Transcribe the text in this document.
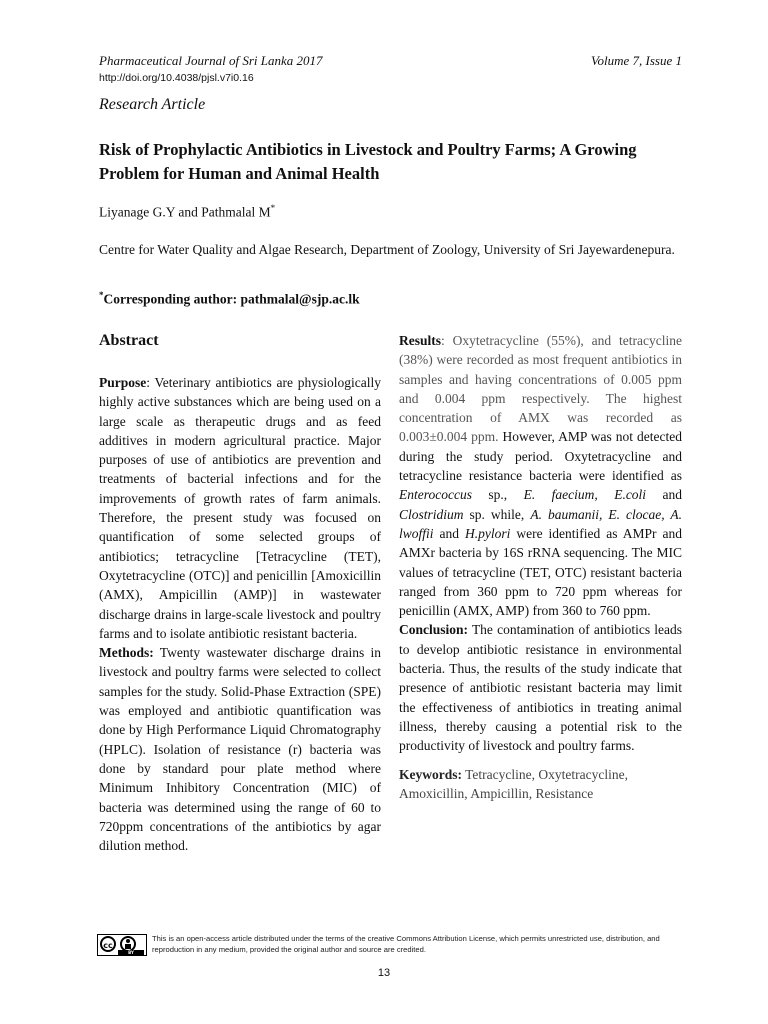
Pharmaceutical Journal of Sri Lanka 2017	Volume 7, Issue 1
http://doi.org/10.4038/pjsl.v7i0.16
Research Article
Risk of Prophylactic Antibiotics in Livestock and Poultry Farms; A Growing Problem for Human and Animal Health
Liyanage G.Y and Pathmalal M*
Centre for Water Quality and Algae Research, Department of Zoology, University of Sri Jayewardenepura.
*Corresponding author: pathmalal@sjp.ac.lk
Abstract

Purpose: Veterinary antibiotics are physiologically highly active substances which are being used on a large scale as therapeutic drugs and as feed additives in modern agricultural practice. Major purposes of use of antibiotics are prevention and treatments of bacterial infections and for the improvements of growth rates of farm animals. Therefore, the present study was focused on quantification of some selected groups of antibiotics; tetracycline [Tetracycline (TET), Oxytetracycline (OTC)] and penicillin [Amoxicillin (AMX), Ampicillin (AMP)] in wastewater discharge drains in large-scale livestock and poultry farms and to isolate antibiotic resistant bacteria.

Methods: Twenty wastewater discharge drains in livestock and poultry farms were selected to collect samples for the study. Solid-Phase Extraction (SPE) was employed and antibiotic quantification was done by High Performance Liquid Chromatography (HPLC). Isolation of resistance (r) bacteria was done by standard pour plate method where Minimum Inhibitory Concentration (MIC) of bacteria was determined using the range of 60 to 720ppm concentrations of the antibiotics by agar dilution method.

Results: Oxytetracycline (55%), and tetracycline (38%) were recorded as most frequent antibiotics in samples and having concentrations of 0.005 ppm and 0.004 ppm respectively. The highest concentration of AMX was recorded as 0.003±0.004 ppm. However, AMP was not detected during the study period. Oxytetracycline and tetracycline resistance bacteria were identified as Enterococcus sp., E. faecium, E.coli and Clostridium sp. while, A. baumanii, E. clocae, A. lwoffii and H.pylori were identified as AMPr and AMXr bacteria by 16S rRNA sequencing. The MIC values of tetracycline (TET, OTC) resistant bacteria ranged from 360 ppm to 720 ppm whereas for penicillin (AMX, AMP) from 360 to 760 ppm.

Conclusion: The contamination of antibiotics leads to develop antibiotic resistance in environmental bacteria. Thus, the results of the study indicate that presence of antibiotic resistant bacteria may limit the effectiveness of antibiotics in treating animal illness, thereby causing a potential risk to the productivity of livestock and poultry farms.

Keywords: Tetracycline, Oxytetracycline, Amoxicillin, Ampicillin, Resistance

cc
BY
This is an open-access article distributed under the terms of the creative Commons Attribution License, which permits unrestricted use, distribution, and reproduction in any medium, provided the original author and source are credited.
13
